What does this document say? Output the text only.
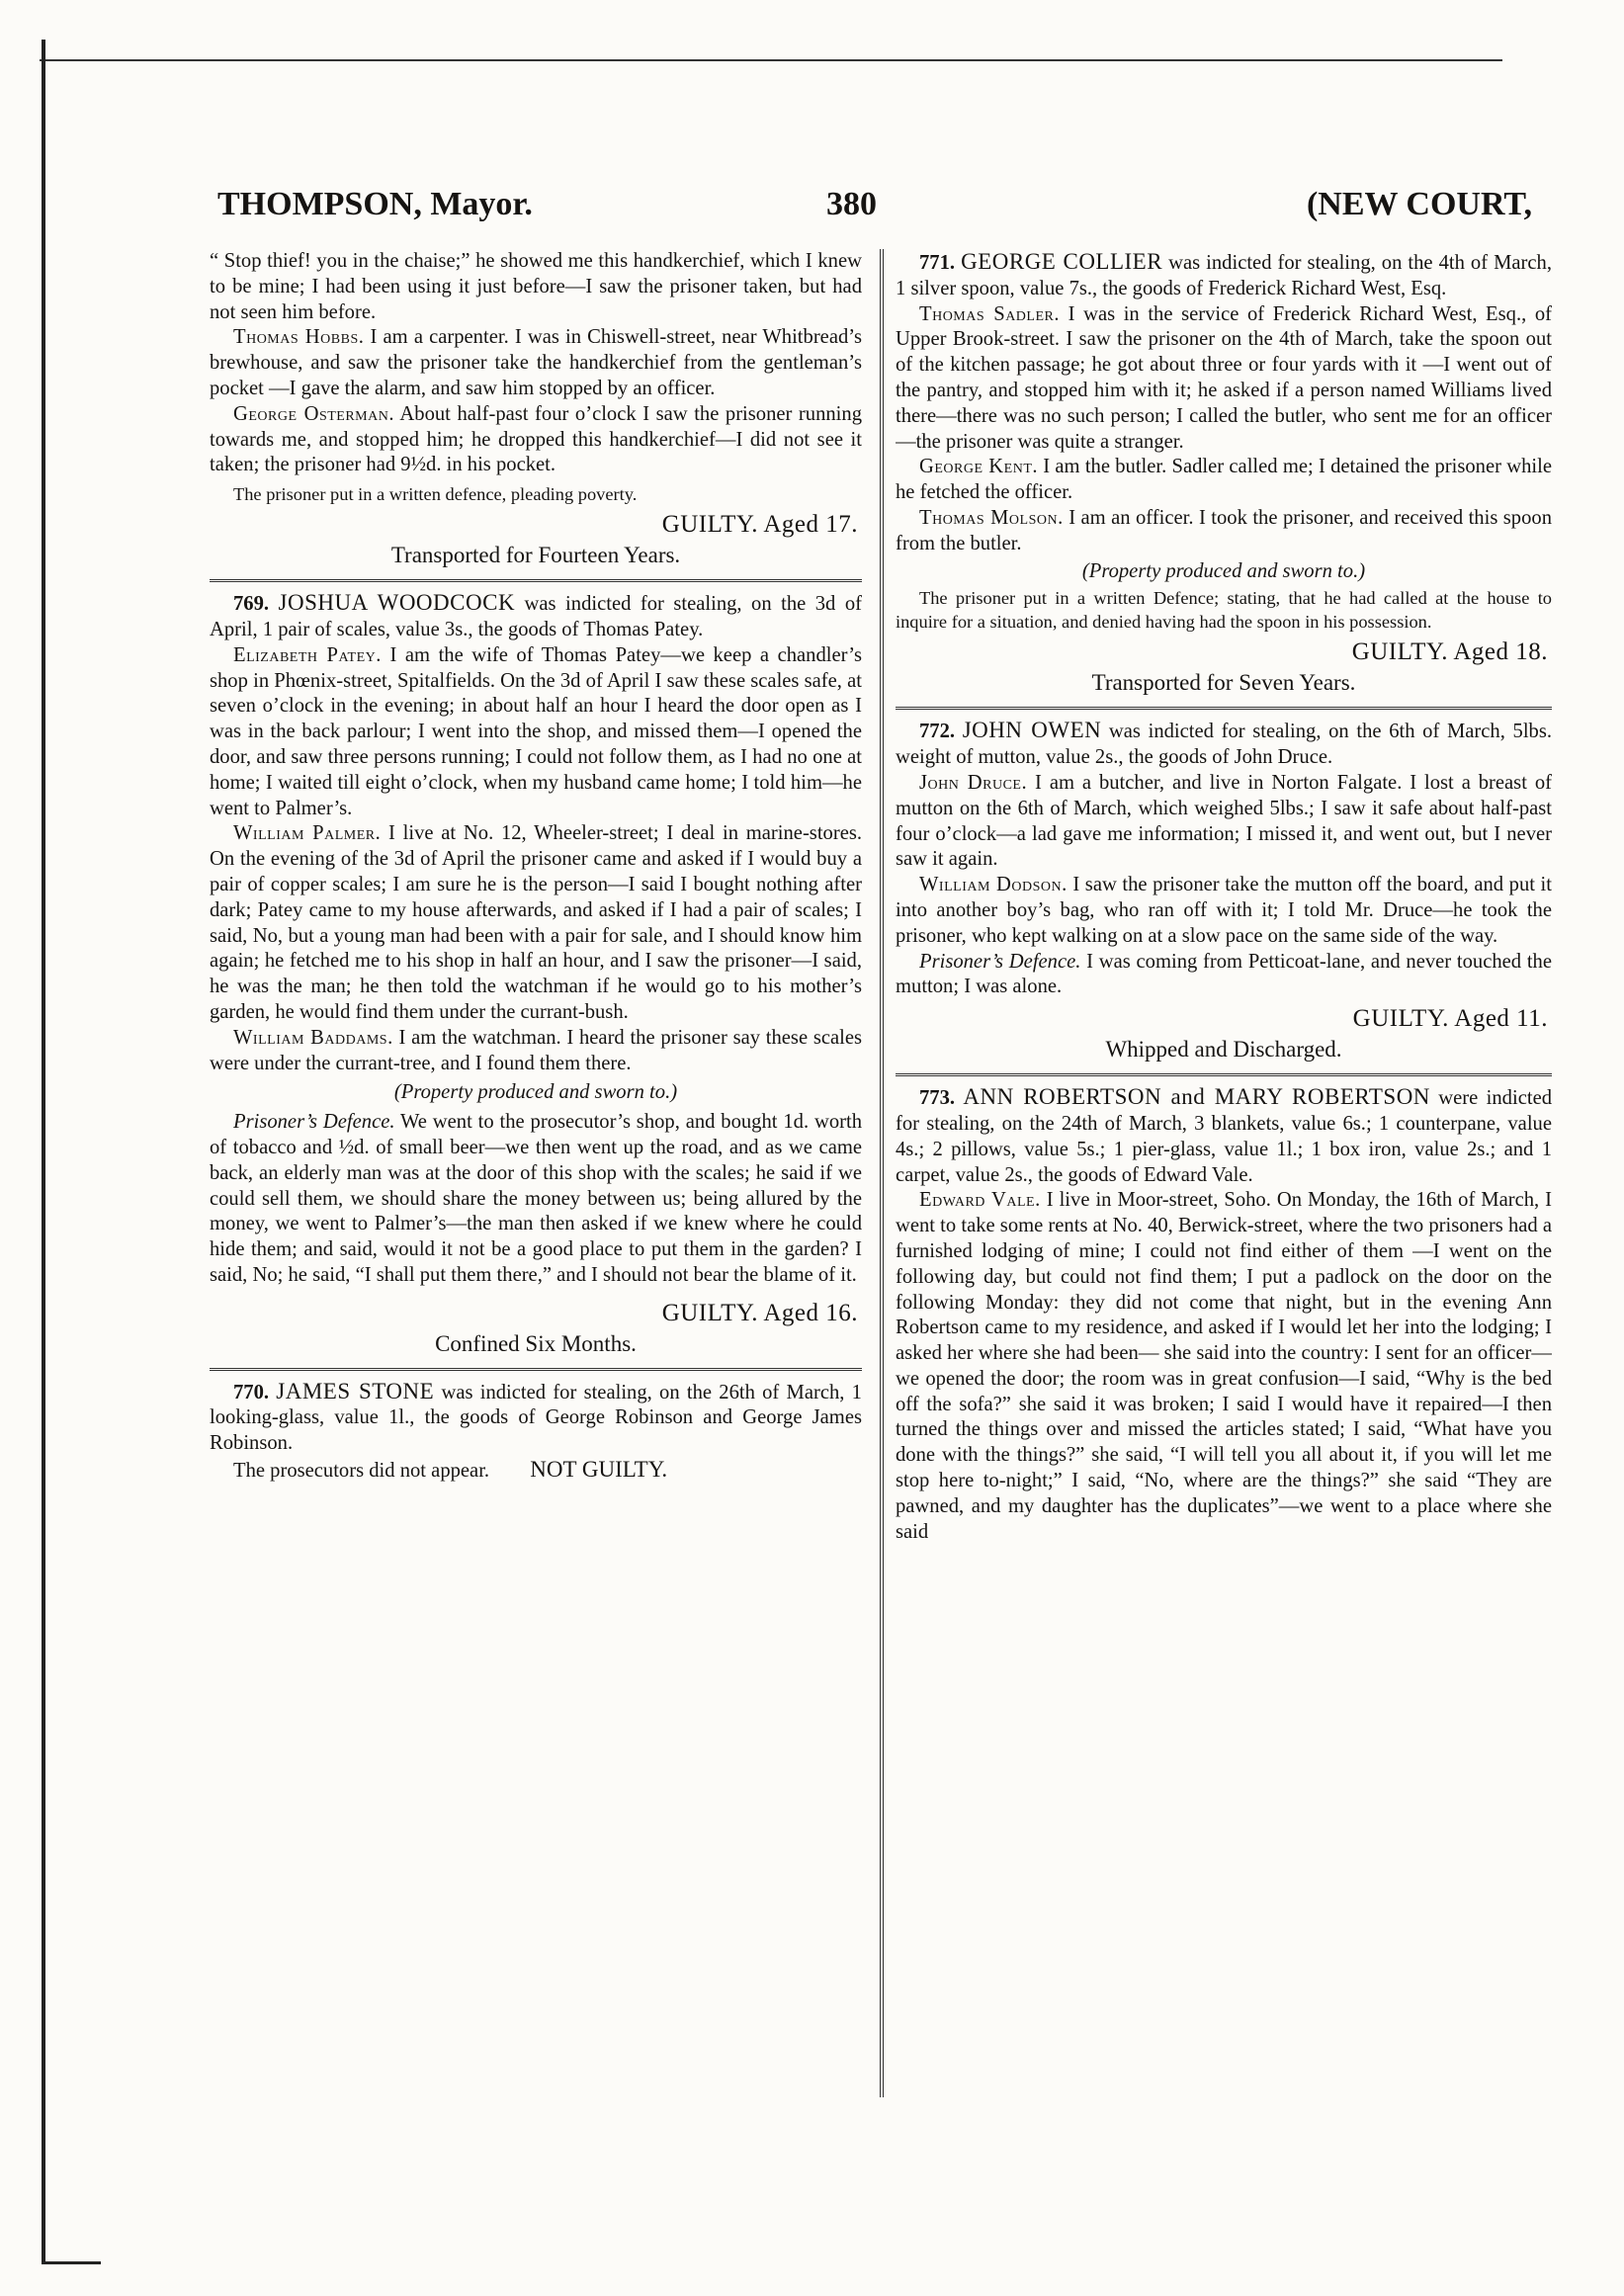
THOMPSON, Mayor.	380	(NEW COURT,

“ Stop thief! you in the chaise;” he showed me this handkerchief, which I knew to be mine; I had been using it just before—I saw the prisoner taken, but had not seen him before.

Thomas Hobbs. I am a carpenter. I was in Chiswell-street, near Whitbread’s brewhouse, and saw the prisoner take the handkerchief from the gentleman’s pocket —I gave the alarm, and saw him stopped by an officer.

George Osterman. About half-past four o’clock I saw the prisoner running towards me, and stopped him; he dropped this handkerchief—I did not see it taken; the prisoner had 9½d. in his pocket.

The prisoner put in a written defence, pleading poverty.

GUILTY. Aged 17.

Transported for Fourteen Years.

769. JOSHUA WOODCOCK was indicted for stealing, on the 3d of April, 1 pair of scales, value 3s., the goods of Thomas Patey.

Elizabeth Patey. I am the wife of Thomas Patey—we keep a chandler’s shop in Phœnix-street, Spitalfields. On the 3d of April I saw these scales safe, at seven o’clock in the evening; in about half an hour I heard the door open as I was in the back parlour; I went into the shop, and missed them—I opened the door, and saw three persons running; I could not follow them, as I had no one at home; I waited till eight o’clock, when my husband came home; I told him—he went to Palmer’s.

William Palmer. I live at No. 12, Wheeler-street; I deal in marine-stores. On the evening of the 3d of April the prisoner came and asked if I would buy a pair of copper scales; I am sure he is the person—I said I bought nothing after dark; Patey came to my house afterwards, and asked if I had a pair of scales; I said, No, but a young man had been with a pair for sale, and I should know him again; he fetched me to his shop in half an hour, and I saw the prisoner—I said, he was the man; he then told the watchman if he would go to his mother’s garden, he would find them under the currant-bush.

William Baddams. I am the watchman. I heard the prisoner say these scales were under the currant-tree, and I found them there.

(Property produced and sworn to.)

Prisoner’s Defence. We went to the prosecutor’s shop, and bought 1d. worth of tobacco and ½d. of small beer—we then went up the road, and as we came back, an elderly man was at the door of this shop with the scales; he said if we could sell them, we should share the money between us; being allured by the money, we went to Palmer’s—the man then asked if we knew where he could hide them; and said, would it not be a good place to put them in the garden? I said, No; he said, “I shall put them there,” and I should not bear the blame of it.

GUILTY. Aged 16.

Confined Six Months.

770. JAMES STONE was indicted for stealing, on the 26th of March, 1 looking-glass, value 1l., the goods of George Robinson and George James Robinson.

The prosecutors did not appear. NOT GUILTY.

771. GEORGE COLLIER was indicted for stealing, on the 4th of March, 1 silver spoon, value 7s., the goods of Frederick Richard West, Esq.

Thomas Sadler. I was in the service of Frederick Richard West, Esq., of Upper Brook-street. I saw the prisoner on the 4th of March, take the spoon out of the kitchen passage; he got about three or four yards with it —I went out of the pantry, and stopped him with it; he asked if a person named Williams lived there—there was no such person; I called the butler, who sent me for an officer—the prisoner was quite a stranger.

George Kent. I am the butler. Sadler called me; I detained the prisoner while he fetched the officer.

Thomas Molson. I am an officer. I took the prisoner, and received this spoon from the butler.

(Property produced and sworn to.)

The prisoner put in a written Defence; stating, that he had called at the house to inquire for a situation, and denied having had the spoon in his possession.

GUILTY. Aged 18.

Transported for Seven Years.

772. JOHN OWEN was indicted for stealing, on the 6th of March, 5lbs. weight of mutton, value 2s., the goods of John Druce.

John Druce. I am a butcher, and live in Norton Falgate. I lost a breast of mutton on the 6th of March, which weighed 5lbs.; I saw it safe about half-past four o’clock—a lad gave me information; I missed it, and went out, but I never saw it again.

William Dodson. I saw the prisoner take the mutton off the board, and put it into another boy’s bag, who ran off with it; I told Mr. Druce—he took the prisoner, who kept walking on at a slow pace on the same side of the way.

Prisoner’s Defence. I was coming from Petticoat-lane, and never touched the mutton; I was alone.

GUILTY. Aged 11.

Whipped and Discharged.

773. ANN ROBERTSON and MARY ROBERTSON were indicted for stealing, on the 24th of March, 3 blankets, value 6s.; 1 counterpane, value 4s.; 2 pillows, value 5s.; 1 pier-glass, value 1l.; 1 box iron, value 2s.; and 1 carpet, value 2s., the goods of Edward Vale.

Edward Vale. I live in Moor-street, Soho. On Monday, the 16th of March, I went to take some rents at No. 40, Berwick-street, where the two prisoners had a furnished lodging of mine; I could not find either of them —I went on the following day, but could not find them; I put a padlock on the door on the following Monday: they did not come that night, but in the evening Ann Robertson came to my residence, and asked if I would let her into the lodging; I asked her where she had been— she said into the country: I sent for an officer—we opened the door; the room was in great confusion—I said, “Why is the bed off the sofa?” she said it was broken; I said I would have it repaired—I then turned the things over and missed the articles stated; I said, “What have you done with the things?” she said, “I will tell you all about it, if you will let me stop here to-night;” I said, “No, where are the things?” she said “They are pawned, and my daughter has the duplicates”—we went to a place where she said
